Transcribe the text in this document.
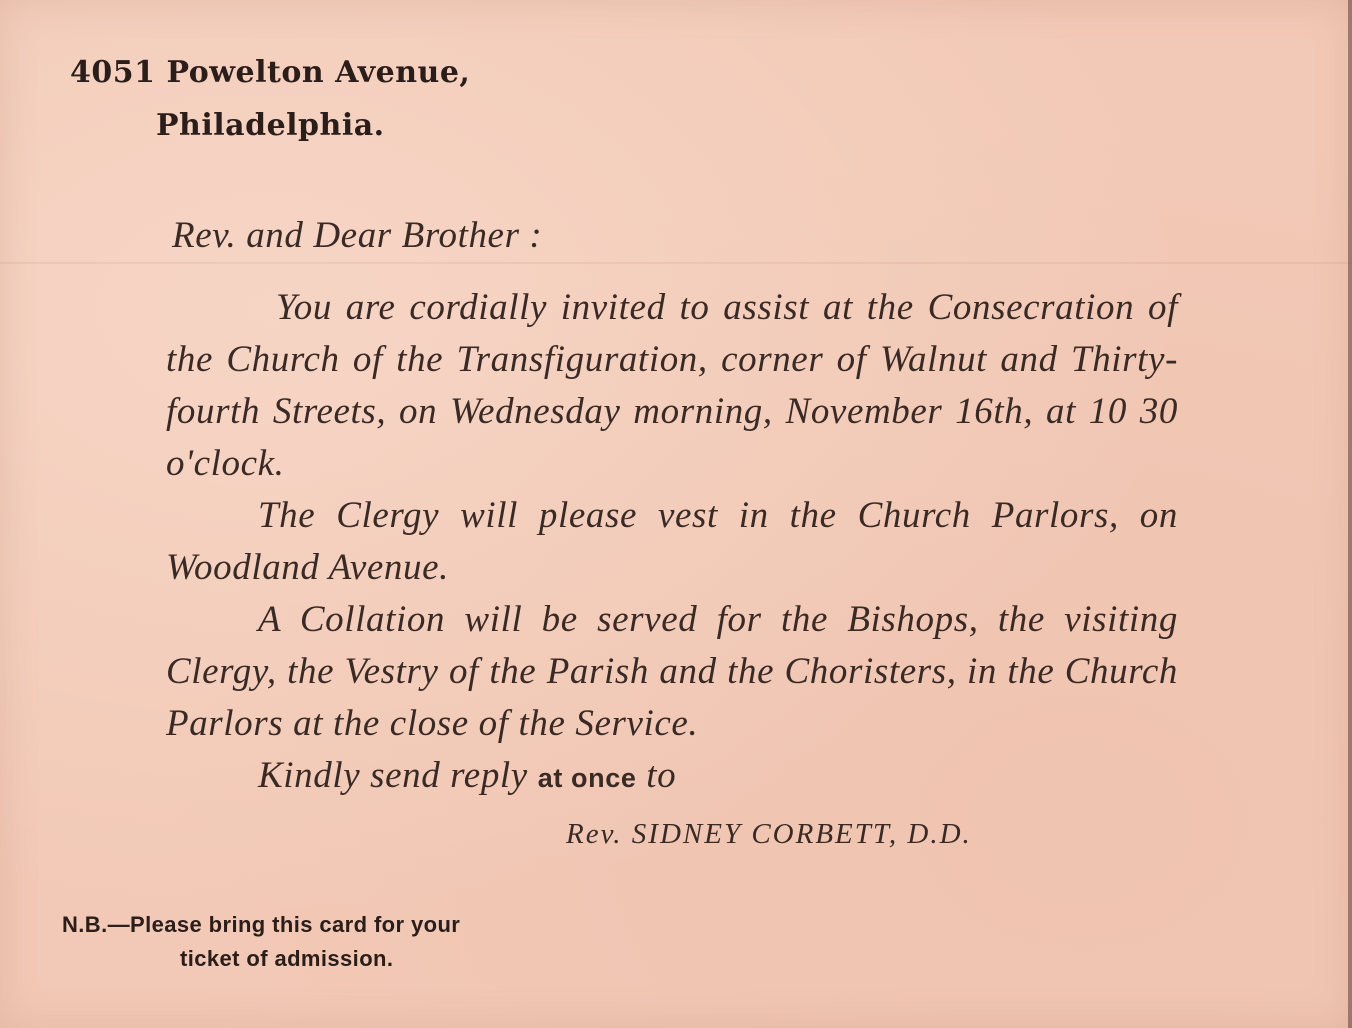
4051 Powelton Avenue,
Philadelphia.
Rev. and Dear Brother :

You are cordially invited to assist at the Consecration of the Church of the Transfiguration, corner of Walnut and Thirty-fourth Streets, on Wednesday morning, November 16th, at 10 30 o'clock.

The Clergy will please vest in the Church Parlors, on Woodland Avenue.

A Collation will be served for the Bishops, the visiting Clergy, the Vestry of the Parish and the Choristers, in the Church Parlors at the close of the Service.

Kindly send reply at once to

Rev. SIDNEY CORBETT, D.D.
N.B.—Please bring this card for your
ticket of admission.
